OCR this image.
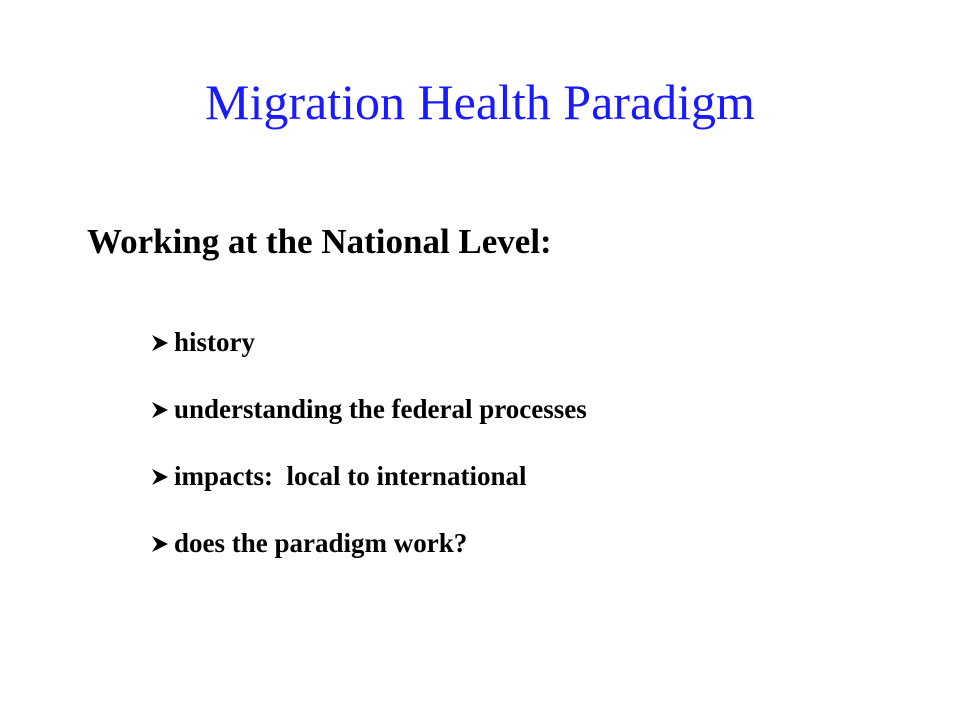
Migration Health Paradigm
Working at the National Level:

history

understanding the federal processes

impacts:  local to international

does the paradigm work?
